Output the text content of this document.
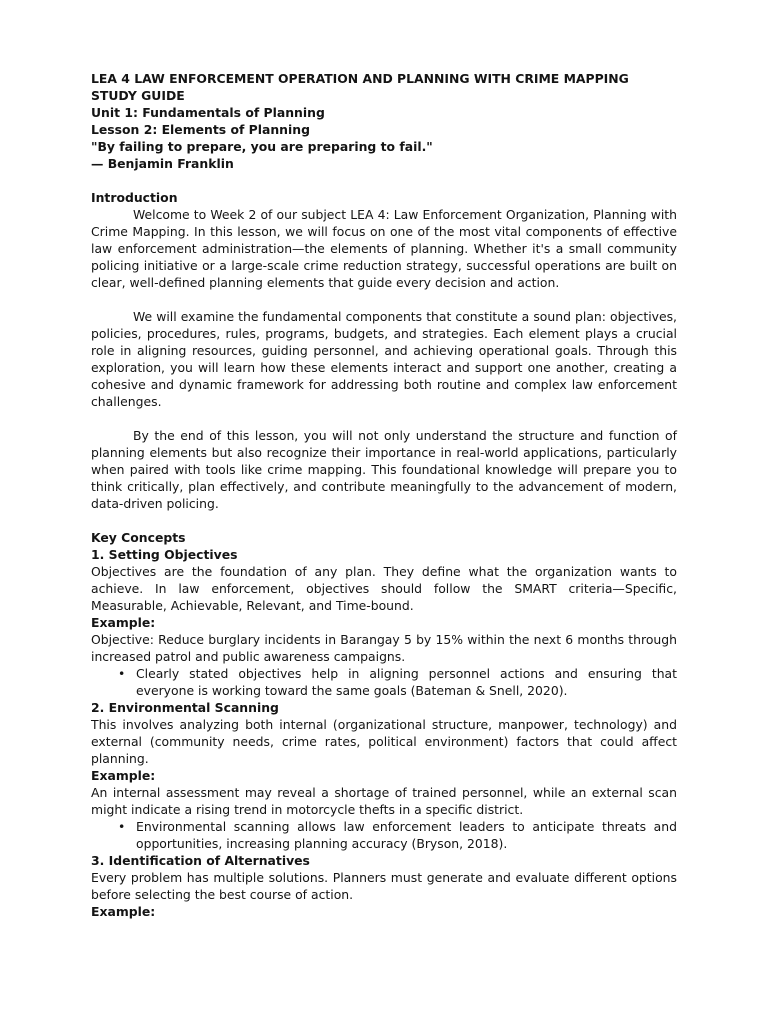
LEA 4 LAW ENFORCEMENT OPERATION AND PLANNING WITH CRIME MAPPING

STUDY GUIDE

Unit 1: Fundamentals of Planning

Lesson 2: Elements of Planning

"By failing to prepare, you are preparing to fail."

— Benjamin Franklin

Introduction

Welcome to Week 2 of our subject LEA 4: Law Enforcement Organization, Planning with Crime Mapping. In this lesson, we will focus on one of the most vital components of effective law enforcement administration—the elements of planning. Whether it's a small community policing initiative or a large-scale crime reduction strategy, successful operations are built on clear, well-defined planning elements that guide every decision and action.

We will examine the fundamental components that constitute a sound plan: objectives, policies, procedures, rules, programs, budgets, and strategies. Each element plays a crucial role in aligning resources, guiding personnel, and achieving operational goals. Through this exploration, you will learn how these elements interact and support one another, creating a cohesive and dynamic framework for addressing both routine and complex law enforcement challenges.

By the end of this lesson, you will not only understand the structure and function of planning elements but also recognize their importance in real-world applications, particularly when paired with tools like crime mapping. This foundational knowledge will prepare you to think critically, plan effectively, and contribute meaningfully to the advancement of modern, data-driven policing.

Key Concepts

1. Setting Objectives

Objectives are the foundation of any plan. They define what the organization wants to achieve. In law enforcement, objectives should follow the SMART criteria—Specific, Measurable, Achievable, Relevant, and Time-bound.

Example:

Objective: Reduce burglary incidents in Barangay 5 by 15% within the next 6 months through increased patrol and public awareness campaigns.

• Clearly stated objectives help in aligning personnel actions and ensuring that everyone is working toward the same goals (Bateman & Snell, 2020).

2. Environmental Scanning

This involves analyzing both internal (organizational structure, manpower, technology) and external (community needs, crime rates, political environment) factors that could affect planning.

Example:

An internal assessment may reveal a shortage of trained personnel, while an external scan might indicate a rising trend in motorcycle thefts in a specific district.

• Environmental scanning allows law enforcement leaders to anticipate threats and opportunities, increasing planning accuracy (Bryson, 2018).

3. Identification of Alternatives

Every problem has multiple solutions. Planners must generate and evaluate different options before selecting the best course of action.

Example:
